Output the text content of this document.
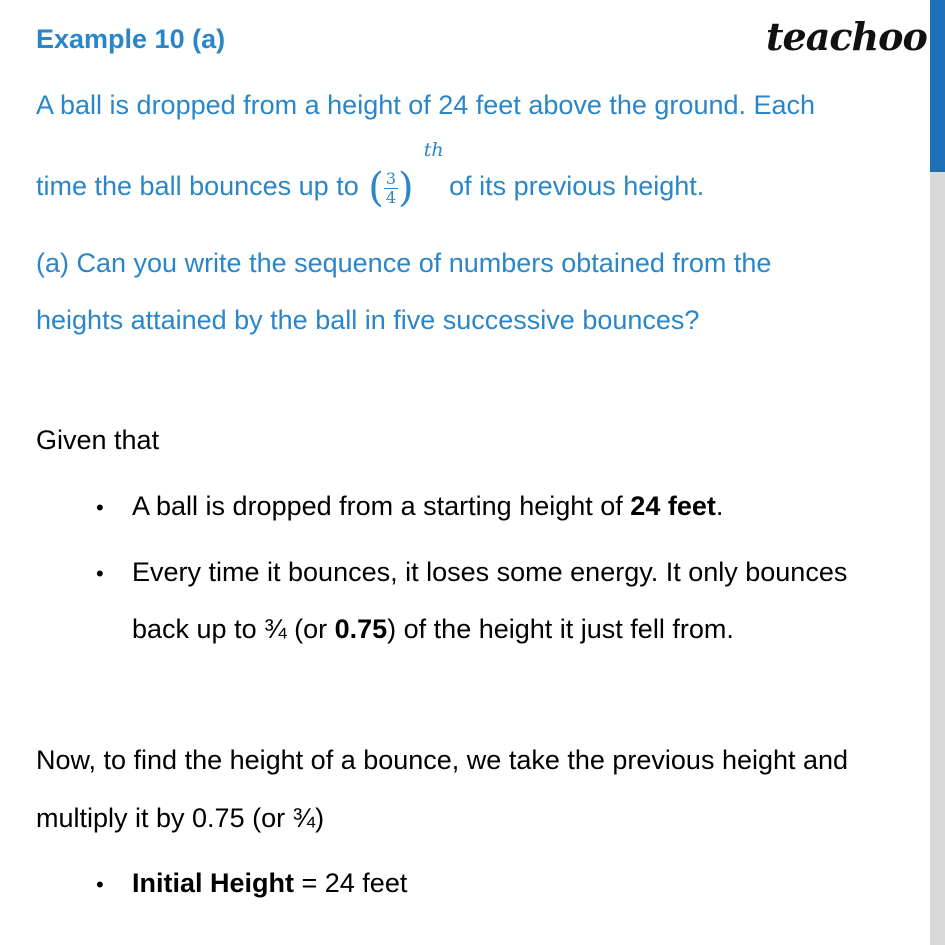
Example 10 (a)	teachoo
A ball is dropped from a height of 24 feet above the ground. Each
time the ball bounces up to ( $\frac{3}{4}$ )
th
of its previous height.
(a) Can you write the sequence of numbers obtained from the
heights attained by the ball in five successive bounces?
Given that
• A ball is dropped from a starting height of 24 feet.
• Every time it bounces, it loses some energy. It only bounces
back up to ¾ (or 0.75) of the height it just fell from.
Now, to find the height of a bounce, we take the previous height and
multiply it by 0.75 (or ¾)
• Initial Height = 24 feet
